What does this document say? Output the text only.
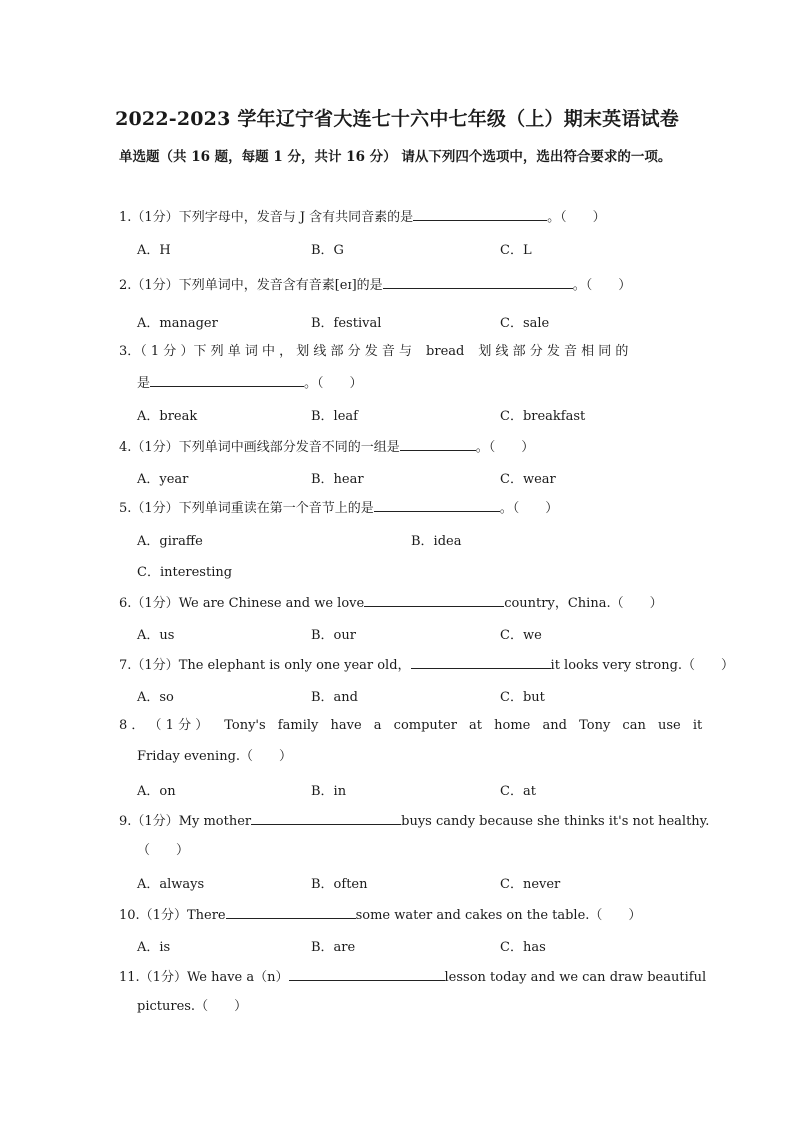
2022-2023 学年辽宁省大连七十六中七年级（上）期末英语试卷
单选题（共 16 题，每题 1 分，共计 16 分） 请从下列四个选项中，选出符合要求的一项。
1.（1分）下列字母中，发音与 J 含有共同音素的是	。（　　）
A．H	B．G	C．L
2.（1分）下列单词中，发音含有音素[eɪ]的是	。（　　）
A．manager	B．festival	C．sale
3．（ 1 分 ）下 列 单 词 中 ， 划 线 部 分 发 音 与 bread 划 线 部 分 发 音 相 同 的
是	。（　　）
A．break	B．leaf	C．breakfast
4.（1分）下列单词中画线部分发音不同的一组是	。（　　）
A．year	B．hear	C．wear
5.（1分）下列单词重读在第一个音节上的是	。（　　）
A．giraffe	B．idea
C．interesting
6.（1分）We are Chinese and we love	country，China.（　　）
A．us	B．our	C．we
7.（1分）The elephant is only one year old，	it looks very strong.（　　）
A．so	B．and	C．but
8 ． （ 1 分 ） Tony's family have a computer at home and Tony can use it
Friday evening.（　　）
A．on	B．in	C．at
9.（1分）My mother	buys candy because she thinks it's not healthy.
（　　）
A．always	B．often	C．never
10.（1分）There	some water and cakes on the table.（　　）
A．is	B．are	C．has
11.（1分）We have a（n）	lesson today and we can draw beautiful
pictures.（　　）
